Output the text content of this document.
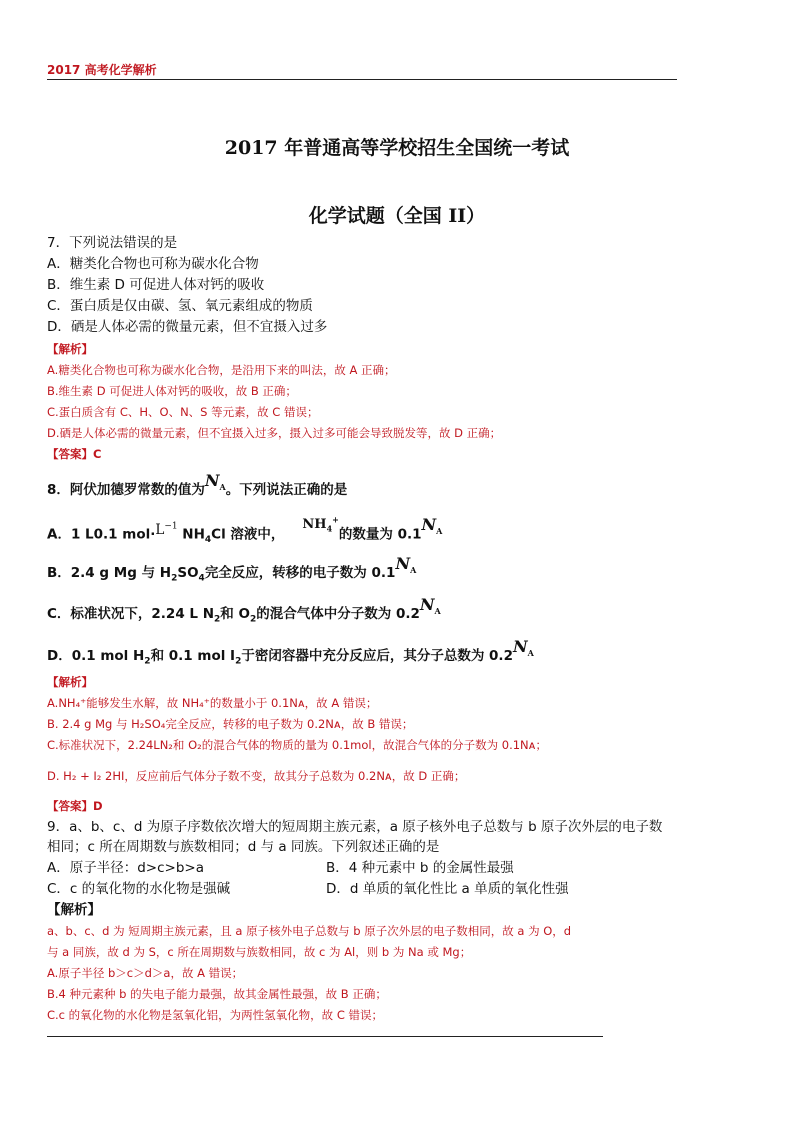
2017 高考化学解析
2017 年普通高等学校招生全国统一考试
化学试题（全国 II）
7．下列说法错误的是
A．糖类化合物也可称为碳水化合物
B．维生素 D 可促进人体对钙的吸收
C．蛋白质是仅由碳、氢、氧元素组成的物质
D．硒是人体必需的微量元素，但不宜摄入过多
【解析】
A.糖类化合物也可称为碳水化合物，是沿用下来的叫法，故 A 正确；
B.维生素 D 可促进人体对钙的吸收，故 B 正确；
C.蛋白质含有 C、H、O、N、S 等元素，故 C 错误；
D.硒是人体必需的微量元素，但不宜摄入过多，摄入过多可能会导致脱发等，故 D 正确；
【答案】C
8．阿伏加德罗常数的值为$N_A$。下列说法正确的是
A．1 L0.1 $mol\cdot L^{-1}$ $NH_4Cl$ 溶液中，$NH_4^+$的数量为 $0.1N_A$
B．2.4 g Mg 与 $H_2SO_4$完全反应，转移的电子数为 $0.1N_A$
C．标准状况下，2.24 L $N_2$和 $O_2$的混合气体中分子数为 $0.2N_A$
D．0.1 mol $H_2$和 0.1 mol $I_2$于密闭容器中充分反应后，其分子总数为 $0.2N_A$
【解析】
A.NH₄⁺能够发生水解，故 NH₄⁺的数量小于 0.1Nᴀ，故 A 错误；
B. 2.4 g Mg 与 H₂SO₄完全反应，转移的电子数为 0.2Nᴀ，故 B 错误；
C.标准状况下，2.24LN₂和 O₂的混合气体的物质的量为 0.1mol，故混合气体的分子数为 0.1Nᴀ；
D. H₂ + I₂ 2HI，反应前后气体分子数不变，故其分子总数为 0.2Nᴀ，故 D 正确；
【答案】D
9．a、b、c、d 为原子序数依次增大的短周期主族元素，a 原子核外电子总数与 b 原子次外层的电子数
相同；c 所在周期数与族数相同；d 与 a 同族。下列叙述正确的是
A．原子半径：d>c>b>a	B．4 种元素中 b 的金属性最强
C．c 的氧化物的水化物是强碱	D．d 单质的氧化性比 a 单质的氧化性强
【解析】
a、b、c、d 为 短周期主族元素，且 a 原子核外电子总数与 b 原子次外层的电子数相同，故 a 为 O，d
与 a 同族，故 d 为 S，c 所在周期数与族数相同，故 c 为 Al，则 b 为 Na 或 Mg；
A.原子半径 b＞c＞d＞a，故 A 错误；
B.4 种元素种 b 的失电子能力最强，故其金属性最强，故 B 正确；
C.c 的氧化物的水化物是氢氧化铝，为两性氢氧化物，故 C 错误；
